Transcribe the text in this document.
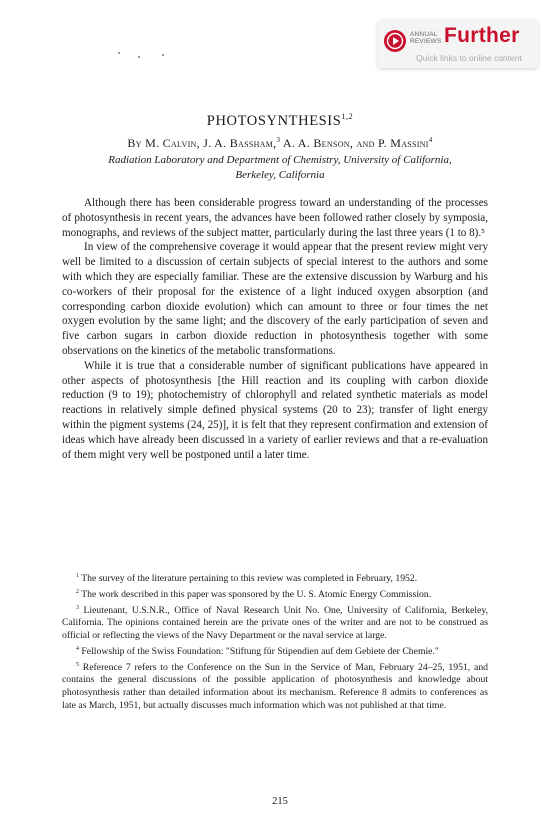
ANNUAL
REVIEWS Further
Quick links to online content
PHOTOSYNTHESIS$^{1,2}$
By M. Calvin, J. A. Bassham,$^3$ A. A. Benson, and P. Massini$^4$
Radiation Laboratory and Department of Chemistry, University of California,
Berkeley, California

Although there has been considerable progress toward an understanding of the processes of photosynthesis in recent years, the advances have been followed rather closely by symposia, monographs, and reviews of the subject matter, particularly during the last three years (1 to 8).⁵

In view of the comprehensive coverage it would appear that the present review might very well be limited to a discussion of certain subjects of special interest to the authors and some with which they are especially familiar. These are the extensive discussion by Warburg and his co-workers of their proposal for the existence of a light induced oxygen absorption (and corresponding carbon dioxide evolution) which can amount to three or four times the net oxygen evolution by the same light; and the discovery of the early participation of seven and five carbon sugars in carbon dioxide reduction in photosynthesis together with some observations on the kinetics of the metabolic transformations.

While it is true that a considerable number of significant publications have appeared in other aspects of photosynthesis [the Hill reaction and its coupling with carbon dioxide reduction (9 to 19); photochemistry of chlorophyll and related synthetic materials as model reactions in relatively simple defined physical systems (20 to 23); transfer of light energy within the pigment systems (24, 25)], it is felt that they represent confirmation and extension of ideas which have already been discussed in a variety of earlier reviews and that a re-evaluation of them might very well be postponed until a later time.

$^1$ The survey of the literature pertaining to this review was completed in February, 1952.

$^2$ The work described in this paper was sponsored by the U. S. Atomic Energy Commission.

$^3$ Lieutenant, U.S.N.R., Office of Naval Research Unit No. One, University of California, Berkeley, California. The opinions contained herein are the private ones of the writer and are not to be construed as official or reflecting the views of the Navy Department or the naval service at large.

$^4$ Fellowship of the Swiss Foundation: "Stiftung für Stipendien auf dem Gebiete der Chemie."

$^5$ Reference 7 refers to the Conference on the Sun in the Service of Man, February 24–25, 1951, and contains the general discussions of the possible application of photosynthesis and knowledge about photosynthesis rather than detailed information about its mechanism. Reference 8 admits to conferences as late as March, 1951, but actually discusses much information which was not published at that time.

215
